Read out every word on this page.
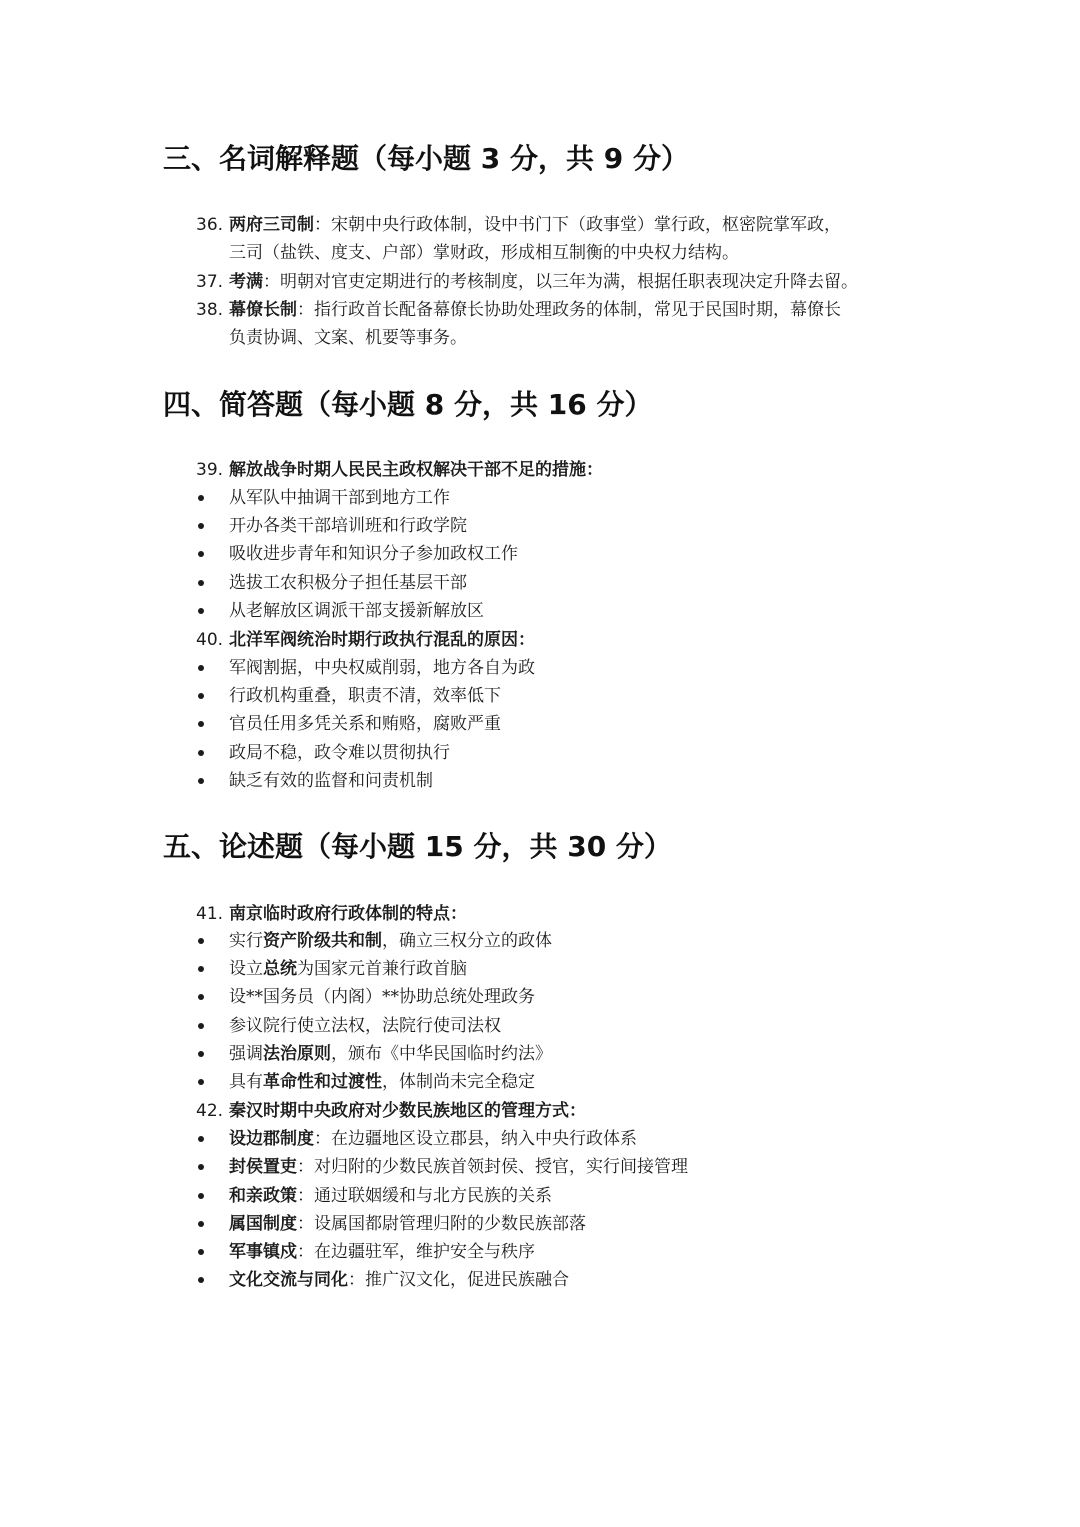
三、名词解释题（每小题 3 分，共 9 分）
36. 两府三司制：宋朝中央行政体制，设中书门下（政事堂）掌行政，枢密院掌军政，
三司（盐铁、度支、户部）掌财政，形成相互制衡的中央权力结构。
37. 考满：明朝对官吏定期进行的考核制度，以三年为满，根据任职表现决定升降去留。
38. 幕僚长制：指行政首长配备幕僚长协助处理政务的体制，常见于民国时期，幕僚长
负责协调、文案、机要等事务。
四、简答题（每小题 8 分，共 16 分）
39. 解放战争时期人民民主政权解决干部不足的措施：
从军队中抽调干部到地方工作
开办各类干部培训班和行政学院
吸收进步青年和知识分子参加政权工作
选拔工农积极分子担任基层干部
从老解放区调派干部支援新解放区
40. 北洋军阀统治时期行政执行混乱的原因：
军阀割据，中央权威削弱，地方各自为政
行政机构重叠，职责不清，效率低下
官员任用多凭关系和贿赂，腐败严重
政局不稳，政令难以贯彻执行
缺乏有效的监督和问责机制
五、论述题（每小题 15 分，共 30 分）
41. 南京临时政府行政体制的特点：
实行资产阶级共和制，确立三权分立的政体
设立总统为国家元首兼行政首脑
设**国务员（内阁）**协助总统处理政务
参议院行使立法权，法院行使司法权
强调法治原则，颁布《中华民国临时约法》
具有革命性和过渡性，体制尚未完全稳定
42. 秦汉时期中央政府对少数民族地区的管理方式：
设边郡制度：在边疆地区设立郡县，纳入中央行政体系
封侯置吏：对归附的少数民族首领封侯、授官，实行间接管理
和亲政策：通过联姻缓和与北方民族的关系
属国制度：设属国都尉管理归附的少数民族部落
军事镇戍：在边疆驻军，维护安全与秩序
文化交流与同化：推广汉文化，促进民族融合
